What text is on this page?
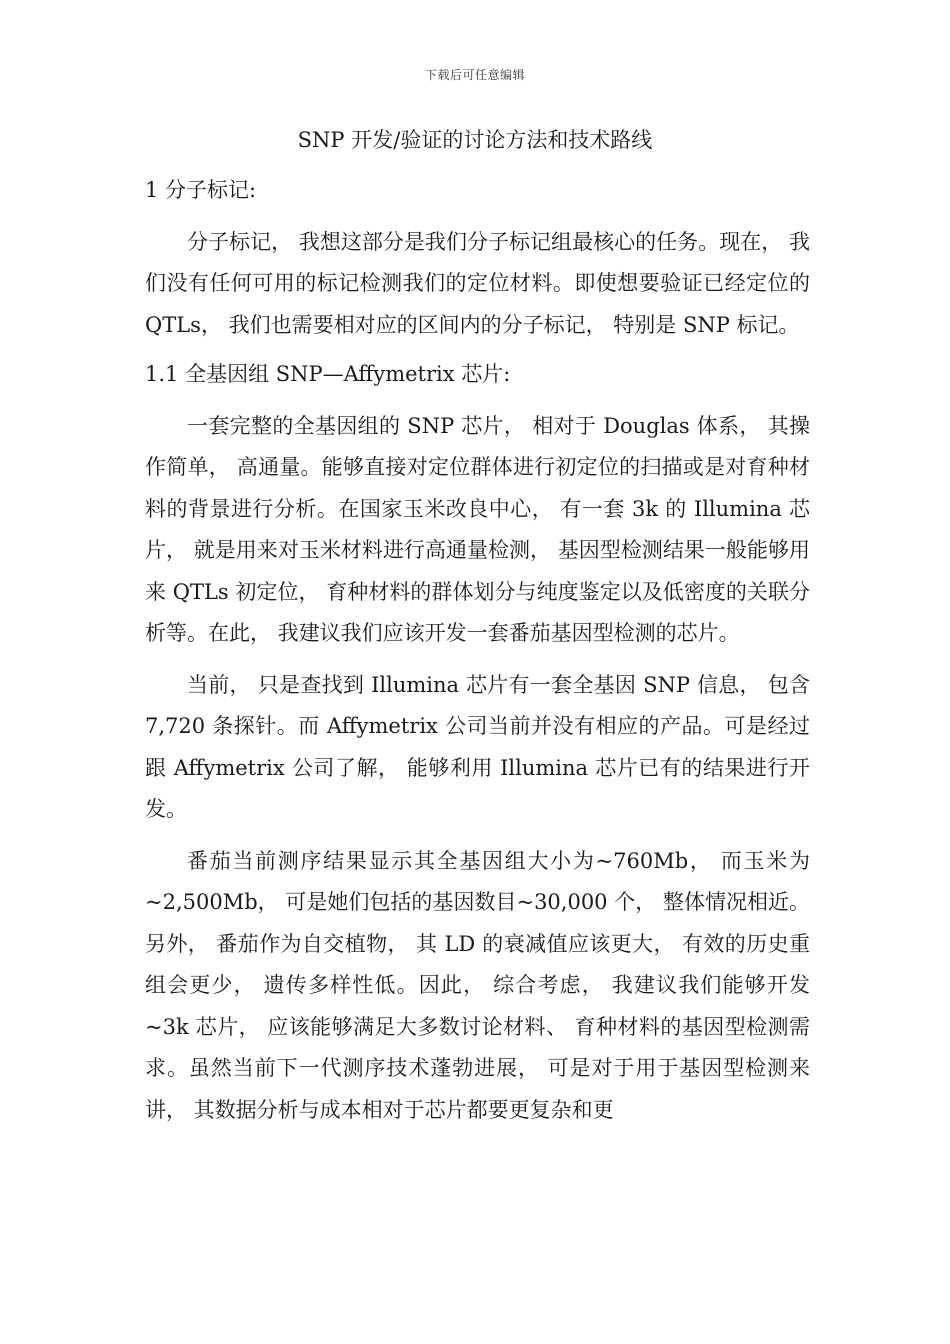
下载后可任意编辑
SNP 开发/验证的讨论方法和技术路线

1 分子标记:

分子标记， 我想这部分是我们分子标记组最核心的任务。现在， 我们没有任何可用的标记检测我们的定位材料。即使想要验证已经定位的 QTLs， 我们也需要相对应的区间内的分子标记， 特别是 SNP 标记。

1.1 全基因组 SNP—Affymetrix 芯片:

一套完整的全基因组的 SNP 芯片， 相对于 Douglas 体系， 其操作简单， 高通量。能够直接对定位群体进行初定位的扫描或是对育种材料的背景进行分析。在国家玉米改良中心， 有一套 3k 的 Illumina 芯片， 就是用来对玉米材料进行高通量检测， 基因型检测结果一般能够用来 QTLs 初定位， 育种材料的群体划分与纯度鉴定以及低密度的关联分析等。在此， 我建议我们应该开发一套番茄基因型检测的芯片。

当前， 只是查找到 Illumina 芯片有一套全基因 SNP 信息， 包含 7,720 条探针。而 Affymetrix 公司当前并没有相应的产品。可是经过跟 Affymetrix 公司了解， 能够利用 Illumina 芯片已有的结果进行开发。

番茄当前测序结果显示其全基因组大小为~760Mb， 而玉米为~2,500Mb， 可是她们包括的基因数目~30,000 个， 整体情况相近。另外， 番茄作为自交植物， 其 LD 的衰减值应该更大， 有效的历史重组会更少， 遗传多样性低。因此， 综合考虑， 我建议我们能够开发~3k 芯片， 应该能够满足大多数讨论材料、 育种材料的基因型检测需求。虽然当前下一代测序技术蓬勃进展， 可是对于用于基因型检测来讲， 其数据分析与成本相对于芯片都要更复杂和更
